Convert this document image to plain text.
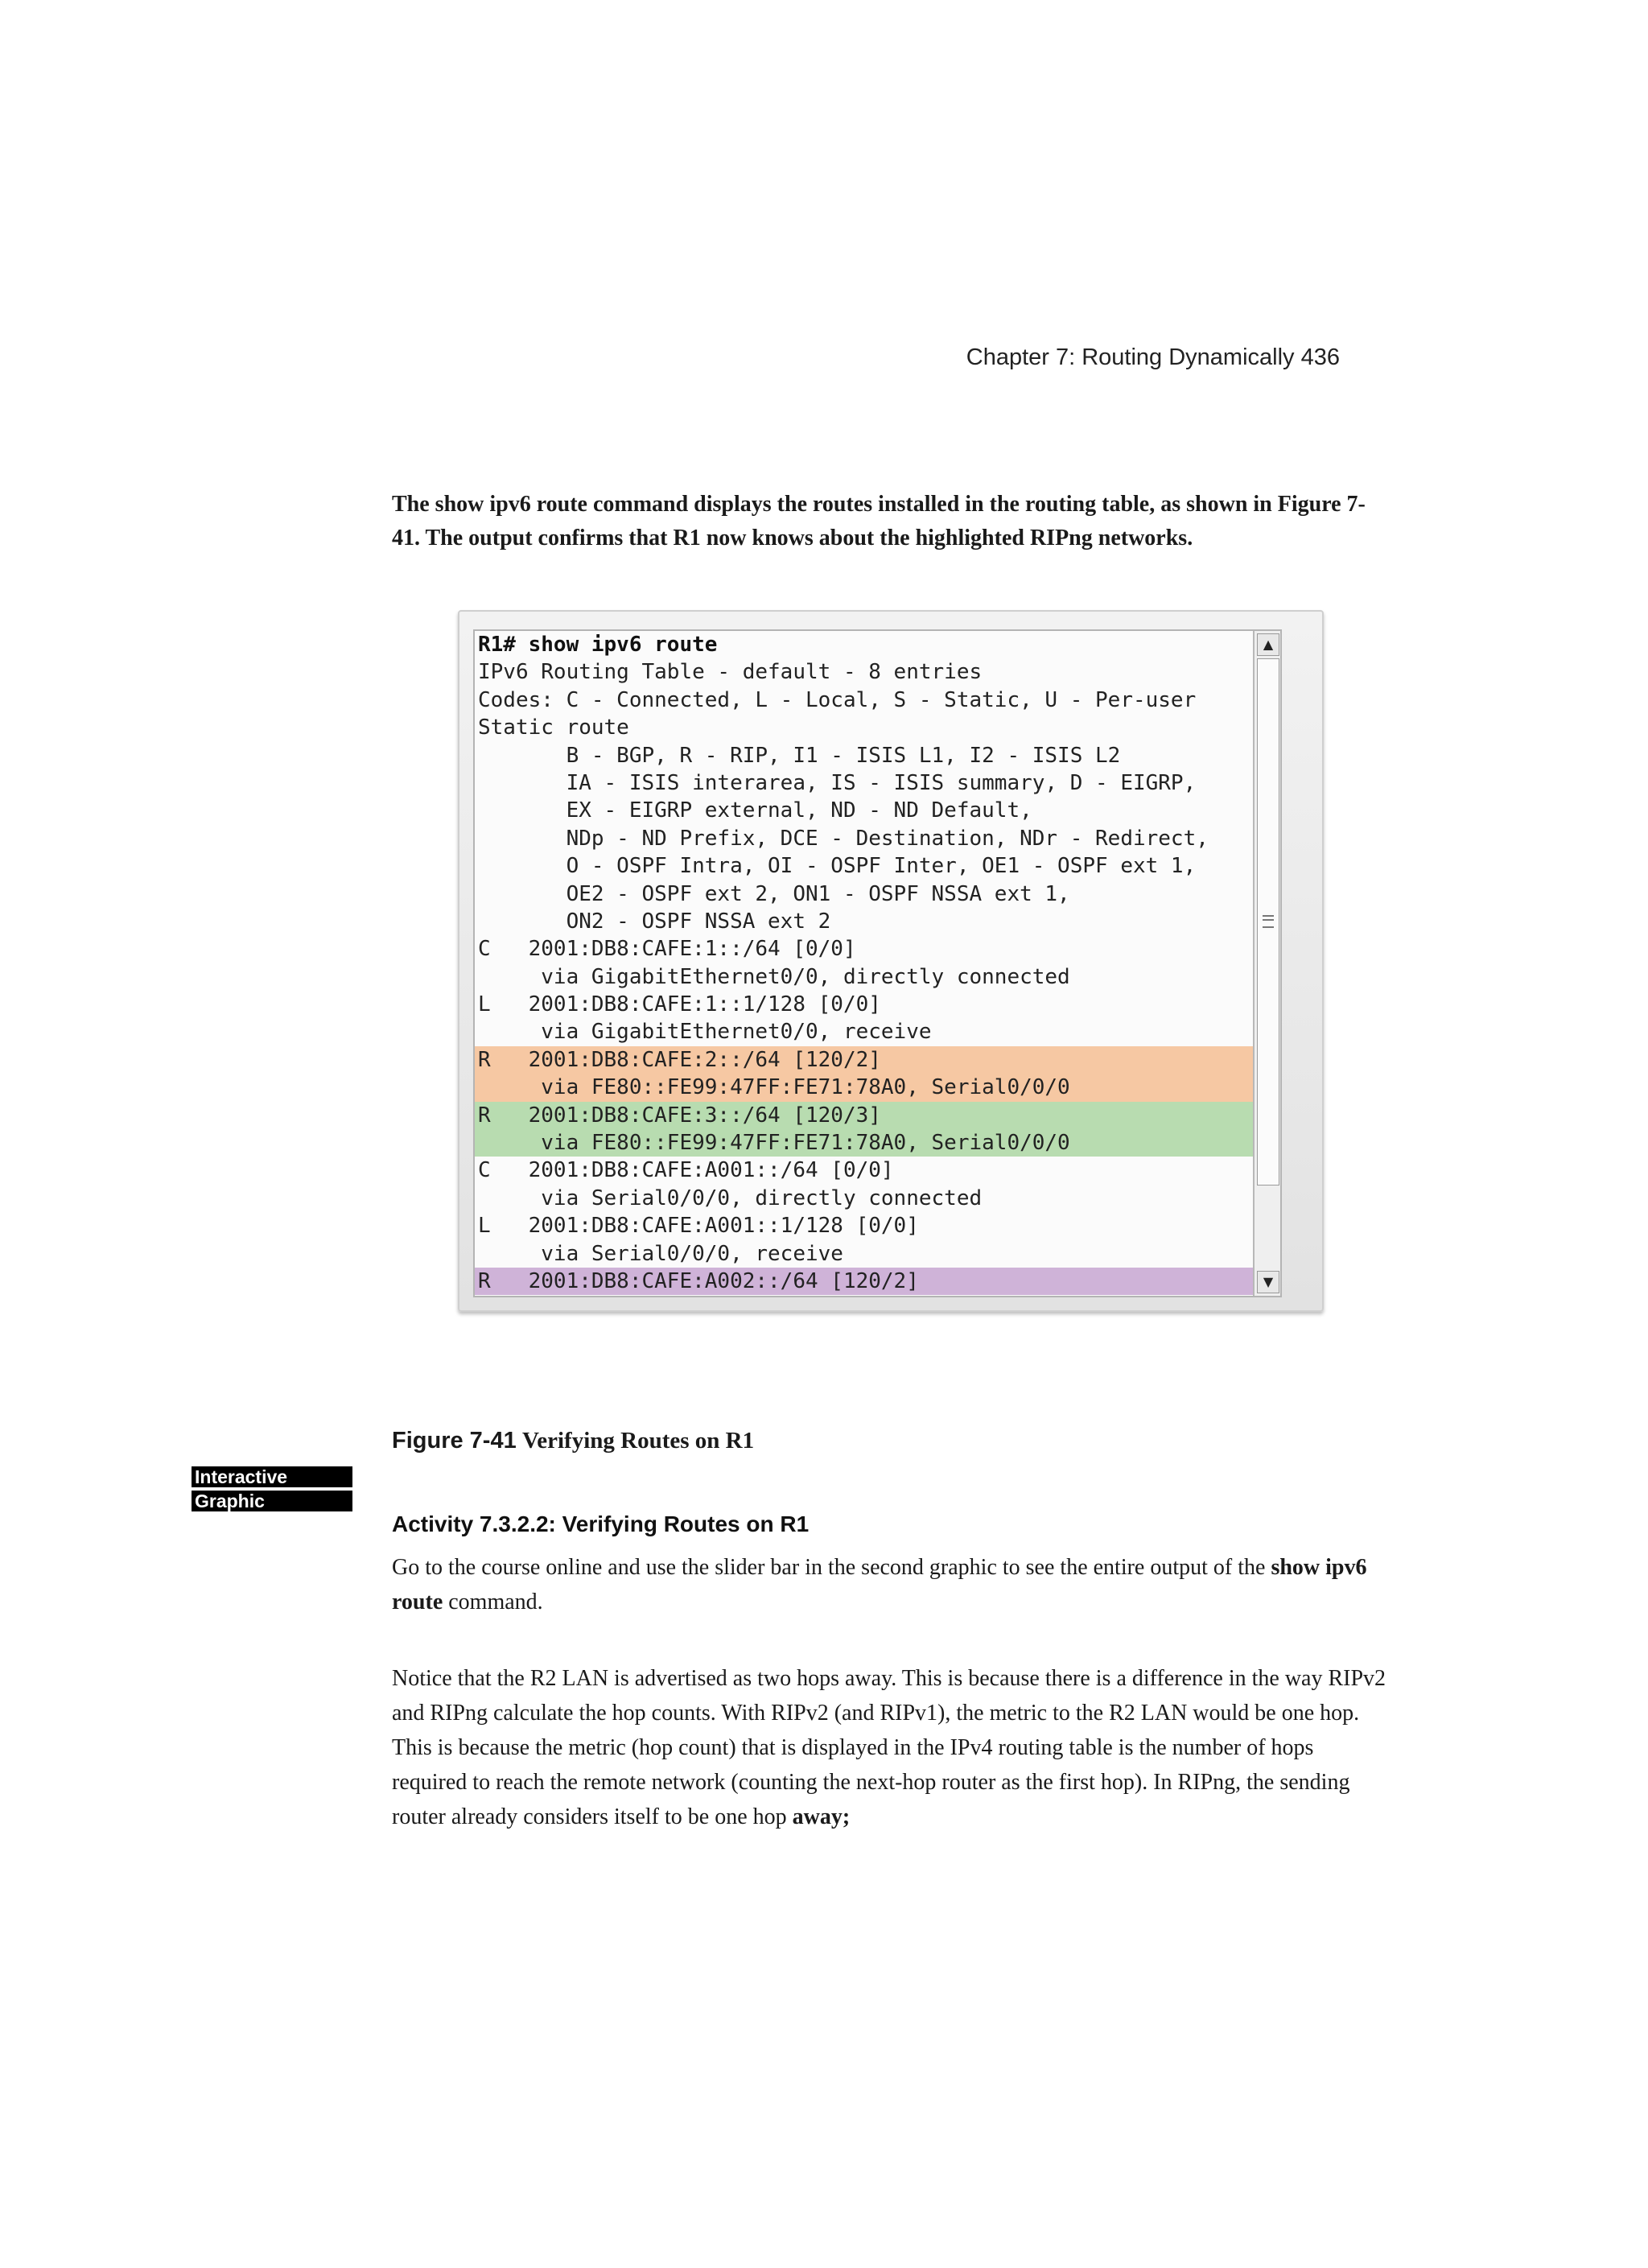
Chapter 7: Routing Dynamically 436

The show ipv6 route command displays the routes installed in the routing table, as shown in Figure 7-41. The output confirms that R1 now knows about the highlighted RIPng networks.

R1# show ipv6 route
IPv6 Routing Table - default - 8 entries
Codes: C - Connected, L - Local, S - Static, U - Per-user
Static route
B - BGP, R - RIP, I1 - ISIS L1, I2 - ISIS L2
IA - ISIS interarea, IS - ISIS summary, D - EIGRP,
EX - EIGRP external, ND - ND Default,
NDp - ND Prefix, DCE - Destination, NDr - Redirect,
O - OSPF Intra, OI - OSPF Inter, OE1 - OSPF ext 1,
OE2 - OSPF ext 2, ON1 - OSPF NSSA ext 1,
ON2 - OSPF NSSA ext 2
C   2001:DB8:CAFE:1::/64 [0/0]
via GigabitEthernet0/0, directly connected
L   2001:DB8:CAFE:1::1/128 [0/0]
via GigabitEthernet0/0, receive
R   2001:DB8:CAFE:2::/64 [120/2]
via FE80::FE99:47FF:FE71:78A0, Serial0/0/0
R   2001:DB8:CAFE:3::/64 [120/3]
via FE80::FE99:47FF:FE71:78A0, Serial0/0/0
C   2001:DB8:CAFE:A001::/64 [0/0]
via Serial0/0/0, directly connected
L   2001:DB8:CAFE:A001::1/128 [0/0]
via Serial0/0/0, receive
R   2001:DB8:CAFE:A002::/64 [120/2]
▲
▼

Figure 7-41 Verifying Routes on R1

Interactive
Graphic
Activity 7.3.2.2: Verifying Routes on R1

Go to the course online and use the slider bar in the second graphic to see the entire output of the show ipv6 route command.

Notice that the R2 LAN is advertised as two hops away. This is because there is a difference in the way RIPv2 and RIPng calculate the hop counts. With RIPv2 (and RIPv1), the metric to the R2 LAN would be one hop. This is because the metric (hop count) that is displayed in the IPv4 routing table is the number of hops required to reach the remote network (counting the next-hop router as the first hop). In RIPng, the sending router already considers itself to be one hop away;
